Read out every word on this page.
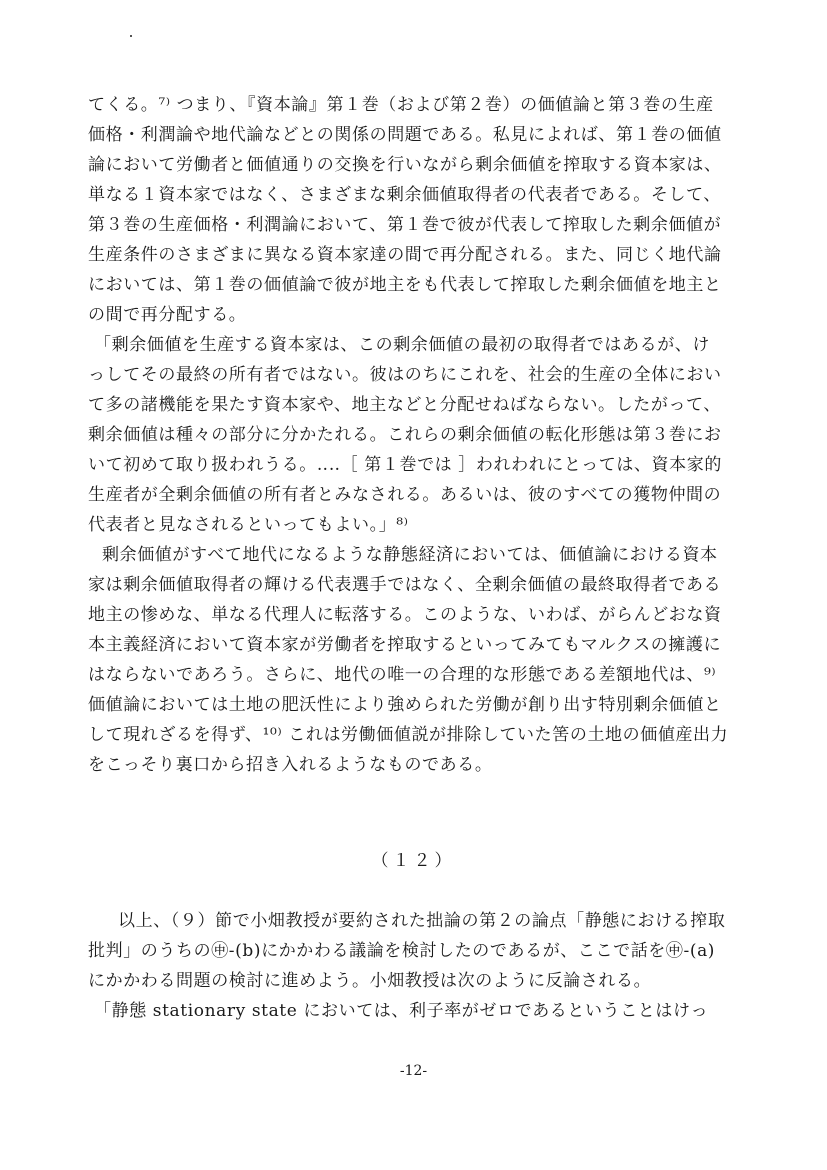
てくる。⁷⁾ つまり、『資本論』第１巻（および第２巻）の価値論と第３巻の生産
価格・利潤論や地代論などとの関係の問題である。私見によれば、第１巻の価値
論において労働者と価値通りの交換を行いながら剰余価値を搾取する資本家は、
単なる１資本家ではなく、さまざまな剰余価値取得者の代表者である。そして、
第３巻の生産価格・利潤論において、第１巻で彼が代表して搾取した剰余価値が
生産条件のさまざまに異なる資本家達の間で再分配される。また、同じく地代論
においては、第１巻の価値論で彼が地主をも代表して搾取した剰余価値を地主と
の間で再分配する。
「剰余価値を生産する資本家は、この剰余価値の最初の取得者ではあるが、け
っしてその最終の所有者ではない。彼はのちにこれを、社会的生産の全体におい
て多の諸機能を果たす資本家や、地主などと分配せねばならない。したがって、
剰余価値は種々の部分に分かたれる。これらの剰余価値の転化形態は第３巻にお
いて初めて取り扱われうる。‥‥［ 第１巻では ］われわれにとっては、資本家的
生産者が全剰余価値の所有者とみなされる。あるいは、彼のすべての獲物仲間の
代表者と見なされるといってもよい。」⁸⁾
剰余価値がすべて地代になるような静態経済においては、価値論における資本
家は剰余価値取得者の輝ける代表選手ではなく、全剰余価値の最終取得者である
地主の惨めな、単なる代理人に転落する。このような、いわば、がらんどおな資
本主義経済において資本家が労働者を搾取するといってみてもマルクスの擁護に
はならないであろう。さらに、地代の唯一の合理的な形態である差額地代は、⁹⁾
価値論においては土地の肥沃性により強められた労働が創り出す特別剰余価値と
して現れざるを得ず、¹⁰⁾ これは労働価値説が排除していた筈の土地の価値産出力
をこっそり裏口から招き入れるようなものである。
（１２）
以上、（９）節で小畑教授が要約された拙論の第２の論点「静態における搾取
批判」のうちの㊥-(b)にかかわる議論を検討したのであるが、ここで話を㊥-(a)
にかかわる問題の検討に進めよう。小畑教授は次のように反論される。
「静態 stationary state においては、利子率がゼロであるということはけっ
-12-
